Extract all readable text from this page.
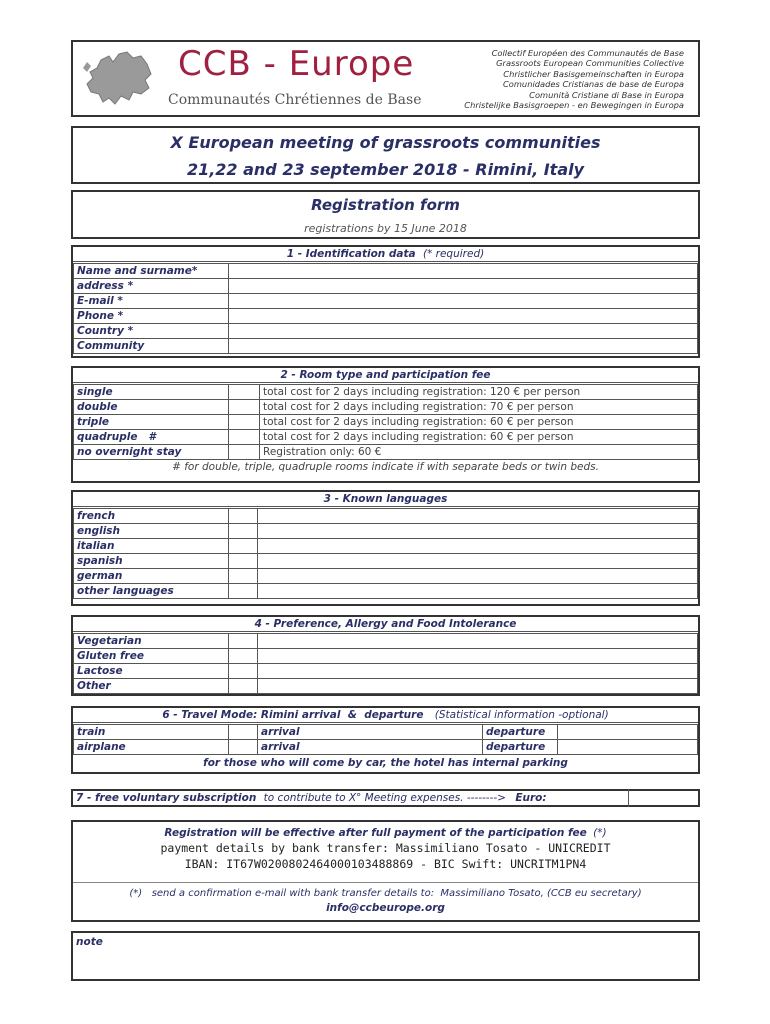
CCB - Europe
Communautés Chrétiennes de Base
Collectif Européen des Communautés de Base
Grassroots European Communities Collective
Christlicher Basisgemeinschaften in Europa
Comunidades Cristianas de base de Europa
Comunità Cristiane di Base in Europa
Christelijke Basisgroepen - en Bewegingen in Europa
X European meeting of grassroots communities
21,22 and 23 september 2018 - Rimini, Italy
Registration form
registrations by 15 June 2018
1 - Identification data (* required)
Name and surname*	
address *	
E-mail *	
Phone *	
Country *	
Community	
2 - Room type and participation fee
single		total cost for 2 days including registration: 120 € per person
double		total cost for 2 days including registration: 70 € per person
triple		total cost for 2 days including registration: 60 € per person
quadruple   #		total cost for 2 days including registration: 60 € per person
no overnight stay		Registration only: 60 €
# for double, triple, quadruple rooms indicate if with separate beds or twin beds.
3 - Known languages
french		
english		
italian		
spanish		
german		
other languages		
4 - Preference, Allergy and Food Intolerance
Vegetarian		
Gluten free		
Lactose		
Other		
6 - Travel Mode: Rimini arrival  &  departure (Statistical information -optional)
train		arrival	departure	
airplane		arrival	departure	
for those who will come by car, the hotel has internal parking
7 - free voluntary subscription to contribute to X° Meeting expenses. --------> Euro:
Registration will be effective after full payment of the participation fee (*)
payment details by bank transfer: Massimiliano Tosato - UNICREDIT
IBAN: IT67W0200802464000103488869 - BIC Swift: UNCRITM1PN4
(*)   send a confirmation e-mail with bank transfer details to:  Massimiliano Tosato, (CCB eu secretary)
info@ccbeurope.org
note
